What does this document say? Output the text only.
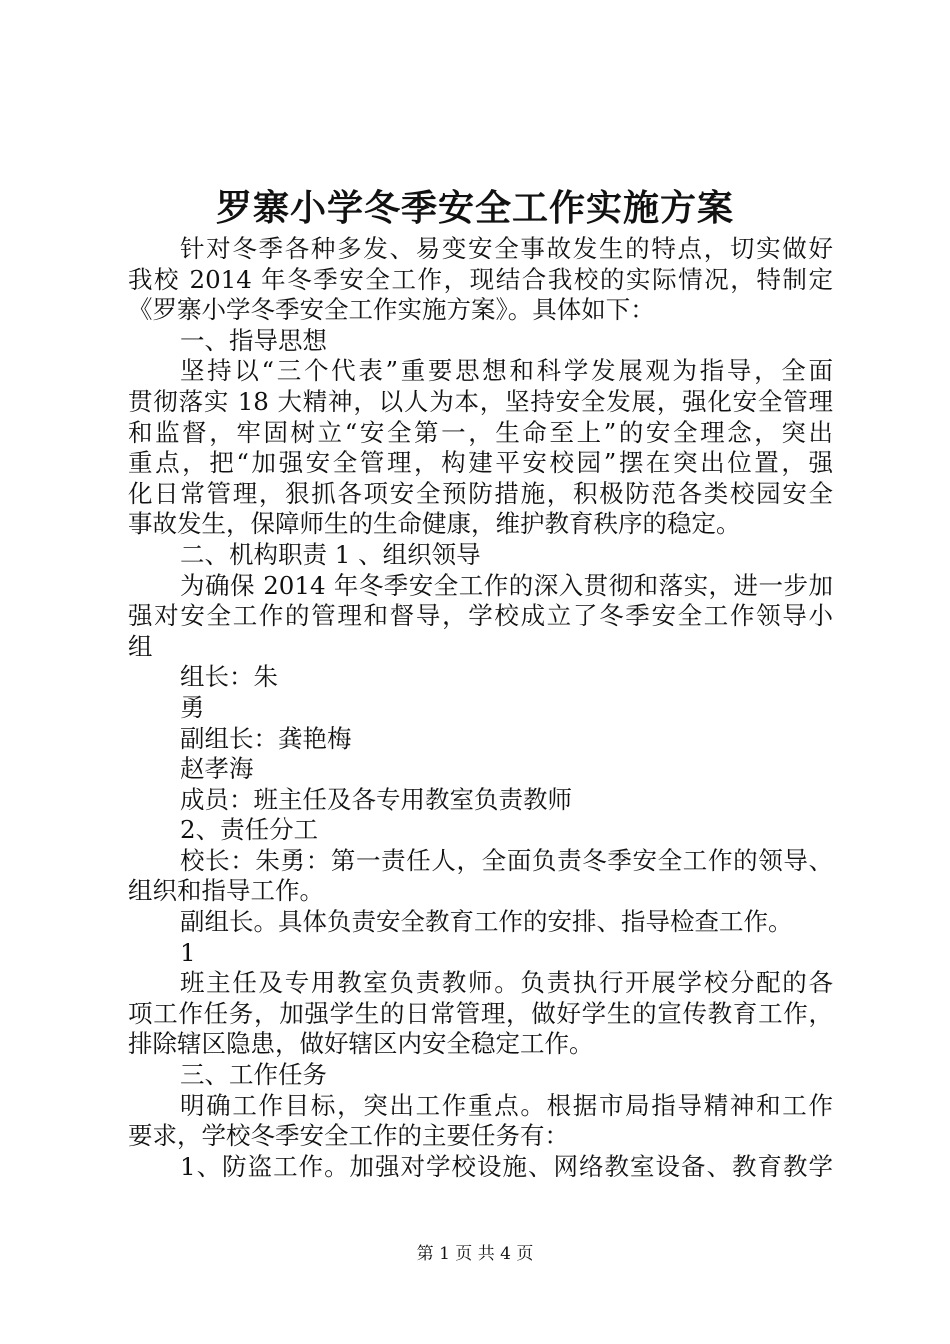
罗寨小学冬季安全工作实施方案
针对冬季各种多发、易变安全事故发生的特点，切实做好
我校 2014 年冬季安全工作，现结合我校的实际情况，特制定
《罗寨小学冬季安全工作实施方案》。具体如下：
一、指导思想
坚持以“三个代表”重要思想和科学发展观为指导，全面
贯彻落实 18 大精神，以人为本，坚持安全发展，强化安全管理
和监督，牢固树立“安全第一，生命至上”的安全理念，突出
重点，把“加强安全管理，构建平安校园”摆在突出位置，强
化日常管理，狠抓各项安全预防措施，积极防范各类校园安全
事故发生，保障师生的生命健康，维护教育秩序的稳定。
二、机构职责 1 、组织领导
为确保 2014 年冬季安全工作的深入贯彻和落实，进一步加
强对安全工作的管理和督导，学校成立了冬季安全工作领导小
组
组长：朱
勇
副组长：龚艳梅
赵孝海
成员：班主任及各专用教室负责教师
2、责任分工
校长：朱勇：第一责任人，全面负责冬季安全工作的领导、
组织和指导工作。
副组长。具体负责安全教育工作的安排、指导检查工作。
1
班主任及专用教室负责教师。负责执行开展学校分配的各
项工作任务，加强学生的日常管理，做好学生的宣传教育工作，
排除辖区隐患，做好辖区内安全稳定工作。
三、工作任务
明确工作目标，突出工作重点。根据市局指导精神和工作
要求，学校冬季安全工作的主要任务有：
1、防盗工作。加强对学校设施、网络教室设备、教育教学
第 1 页 共 4 页
